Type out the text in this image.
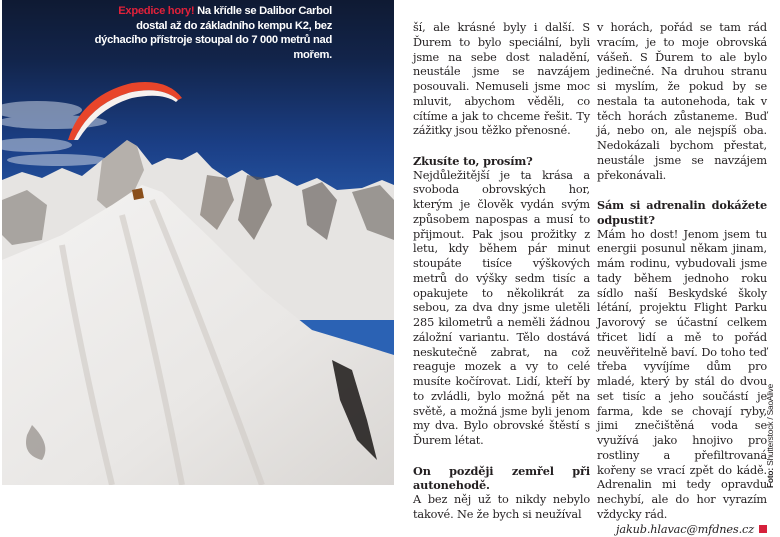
Expedice hory! Na křídle se Dalibor Carbol dostal až do základního kempu K2, bez dýchacího přístroje stoupal do 7 000 metrů nad mořem.

ší, ale krásné byly i další. S Ďurem to bylo speciální, byli jsme na sebe dost naladění, neustále jsme se navzájem posouvali. Nemuseli jsme moc mluvit, abychom věděli, co cítíme a jak to chceme řešit. Ty zážitky jsou těžko přenosné.

Zkusíte to, prosím?

Nejdůležitější je ta krása a svoboda obrovských hor, kterým je člověk vydán svým způsobem napospas a musí to přijmout. Pak jsou prožitky z letu, kdy během pár minut stoupáte tisíce výškových metrů do výšky sedm tisíc a opakujete to několikrát za sebou, za dva dny jsme uletěli 285 kilometrů a neměli žádnou záložní variantu. Tělo dostává neskutečně zabrat, na což reaguje mozek a vy to celé musíte kočírovat. Lidí, kteří by to zvládli, bylo možná pět na světě, a možná jsme byli jenom my dva. Bylo obrovské štěstí s Ďurem létat.

On později zemřel při autonehodě.

A bez něj už to nikdy nebylo takové. Ne že bych si neužíval

v horách, pořád se tam rád vracím, je to moje obrovská vášeň. S Ďurem to ale bylo jedinečné. Na druhou stranu si myslím, že pokud by se nestala ta autonehoda, tak v těch horách zůstaneme. Buď já, nebo on, ale nejspíš oba. Nedokázali bychom přestat, neustále jsme se navzájem překonávali.

Sám si adrenalin dokážete odpustit?

Mám ho dost! Jenom jsem tu energii posunul někam jinam, mám rodinu, vybudovali jsme tady během jednoho roku sídlo naší Beskydské školy létání, projektu Flight Parku Javorový se účastní celkem třicet lidí a mě to pořád neuvěřitelně baví. Do toho teď třeba vyvíjíme dům pro mladé, který by stál do dvou set tisíc a jeho součástí je farma, kde se chovají ryby, jimi znečištěná voda se využívá jako hnojivo pro rostliny a přefiltrovaná kořeny se vrací zpět do kádě. Adrenalin mi tedy opravdu nechybí, ale do hor vyrazím vždycky rád.

jakub.hlavac@mfdnes.cz

Foto: Shutterstock / SaoAlive
